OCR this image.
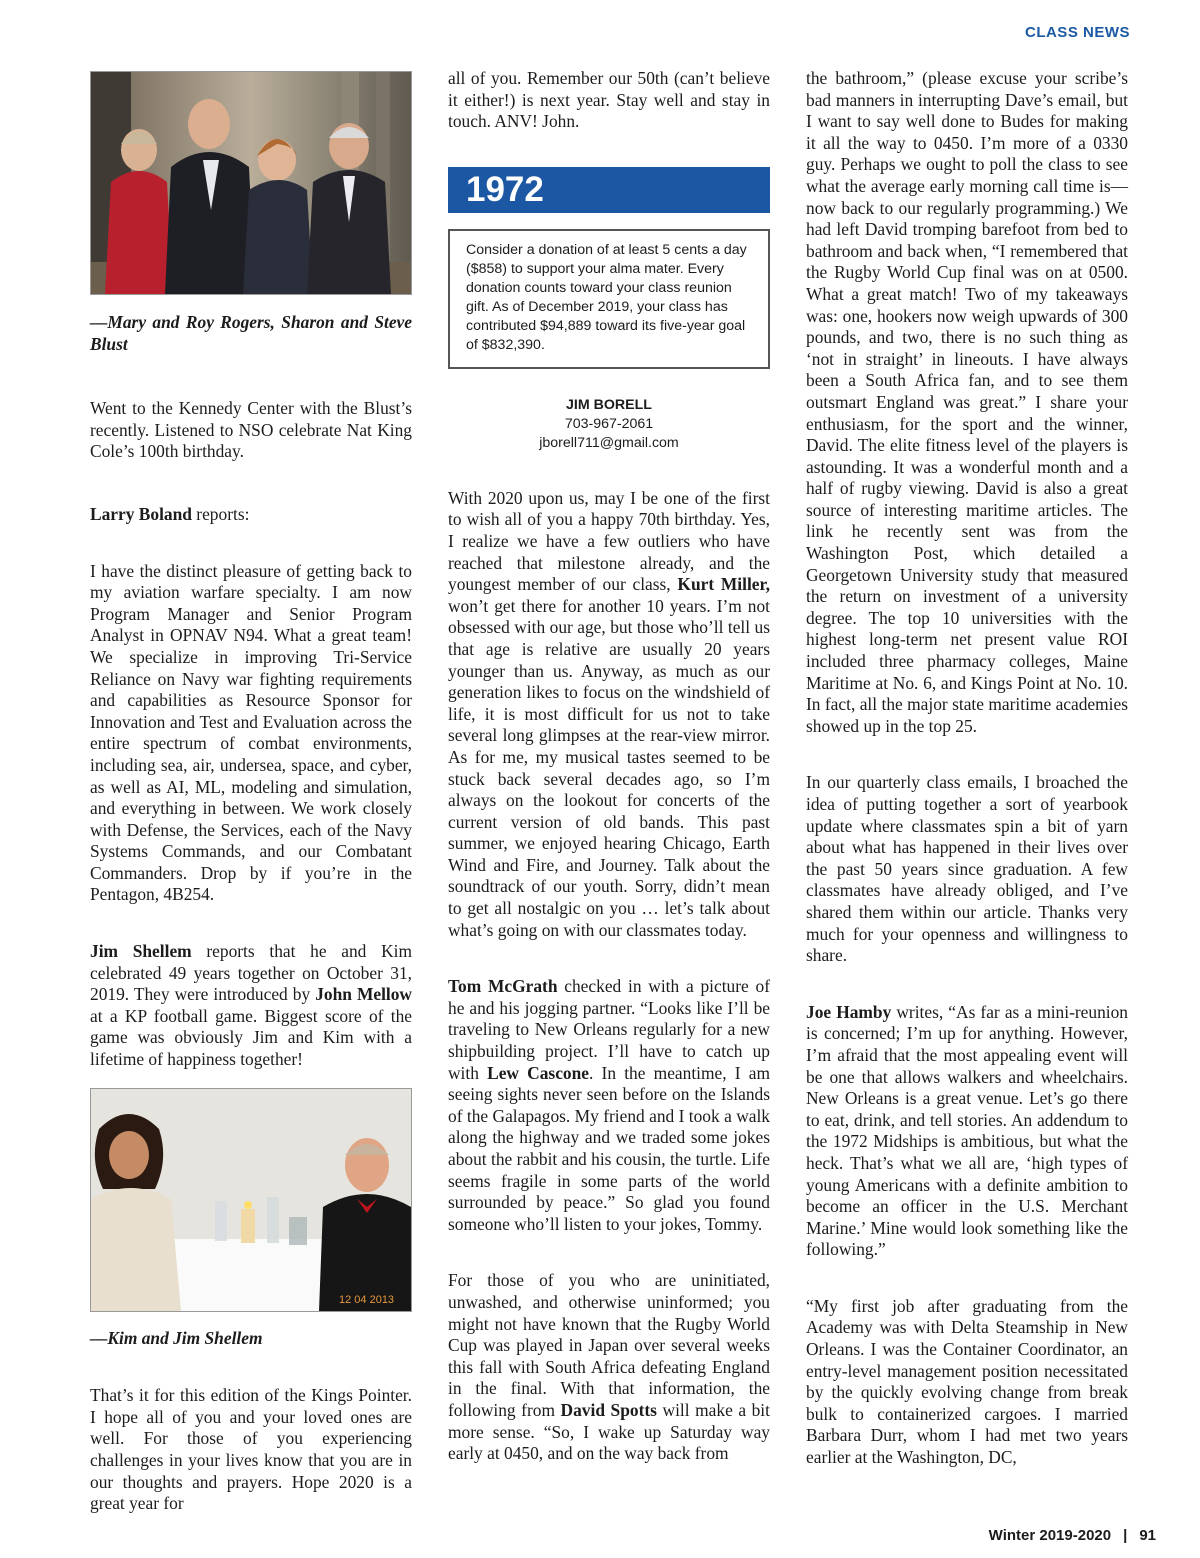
CLASS NEWS
—Mary and Roy Rogers, Sharon and Steve Blust

Went to the Kennedy Center with the Blust’s recently. Listened to NSO celebrate Nat King Cole’s 100th birthday.

Larry Boland reports:

I have the distinct pleasure of getting back to my aviation warfare specialty. I am now Program Manager and Senior Program Analyst in OPNAV N94. What a great team! We specialize in improving Tri-Service Reliance on Navy war fighting requirements and capabilities as Resource Sponsor for Innovation and Test and Evaluation across the entire spectrum of combat environments, including sea, air, undersea, space, and cyber, as well as AI, ML, modeling and simulation, and everything in between. We work closely with Defense, the Services, each of the Navy Systems Commands, and our Combatant Commanders. Drop by if you’re in the Pentagon, 4B254.

Jim Shellem reports that he and Kim celebrated 49 years together on October 31, 2019. They were introduced by John Mellow at a KP football game. Biggest score of the game was obviously Jim and Kim with a lifetime of happiness together!

12 04 2013
—Kim and Jim Shellem

That’s it for this edition of the Kings Pointer. I hope all of you and your loved ones are well. For those of you experiencing challenges in your lives know that you are in our thoughts and prayers. Hope 2020 is a great year for

all of you. Remember our 50th (can’t believe it either!) is next year. Stay well and stay in touch. ANV! John.

1972
Consider a donation of at least 5 cents a day ($858) to support your alma mater. Every donation counts toward your class reunion gift. As of December 2019, your class has contributed $94,889 toward its five-year goal of $832,390.
JIM BORELL
703-967-2061
jborell711@gmail.com

With 2020 upon us, may I be one of the first to wish all of you a happy 70th birthday. Yes, I realize we have a few outliers who have reached that milestone already, and the youngest member of our class, Kurt Miller, won’t get there for another 10 years. I’m not obsessed with our age, but those who’ll tell us that age is relative are usually 20 years younger than us. Anyway, as much as our generation likes to focus on the windshield of life, it is most difficult for us not to take several long glimpses at the rear-view mirror. As for me, my musical tastes seemed to be stuck back several decades ago, so I’m always on the lookout for concerts of the current version of old bands. This past summer, we enjoyed hearing Chicago, Earth Wind and Fire, and Journey. Talk about the soundtrack of our youth. Sorry, didn’t mean to get all nostalgic on you … let’s talk about what’s going on with our classmates today.

Tom McGrath checked in with a picture of he and his jogging partner. “Looks like I’ll be traveling to New Orleans regularly for a new shipbuilding project. I’ll have to catch up with Lew Cascone. In the meantime, I am seeing sights never seen before on the Islands of the Galapagos. My friend and I took a walk along the highway and we traded some jokes about the rabbit and his cousin, the turtle. Life seems fragile in some parts of the world surrounded by peace.” So glad you found someone who’ll listen to your jokes, Tommy.

For those of you who are uninitiated, unwashed, and otherwise uninformed; you might not have known that the Rugby World Cup was played in Japan over several weeks this fall with South Africa defeating England in the final. With that information, the following from David Spotts will make a bit more sense. “So, I wake up Saturday way early at 0450, and on the way back from

the bathroom,” (please excuse your scribe’s bad manners in interrupting Dave’s email, but I want to say well done to Budes for making it all the way to 0450. I’m more of a 0330 guy. Perhaps we ought to poll the class to see what the average early morning call time is—now back to our regularly programming.) We had left David tromping barefoot from bed to bathroom and back when, “I remembered that the Rugby World Cup final was on at 0500. What a great match! Two of my takeaways was: one, hookers now weigh upwards of 300 pounds, and two, there is no such thing as ‘not in straight’ in lineouts. I have always been a South Africa fan, and to see them outsmart England was great.” I share your enthusiasm, for the sport and the winner, David. The elite fitness level of the players is astounding. It was a wonderful month and a half of rugby viewing. David is also a great source of interesting maritime articles. The link he recently sent was from the Washington Post, which detailed a Georgetown University study that measured the return on investment of a university degree. The top 10 universities with the highest long-term net present value ROI included three pharmacy colleges, Maine Maritime at No. 6, and Kings Point at No. 10. In fact, all the major state maritime academies showed up in the top 25.

In our quarterly class emails, I broached the idea of putting together a sort of yearbook update where classmates spin a bit of yarn about what has happened in their lives over the past 50 years since graduation. A few classmates have already obliged, and I’ve shared them within our article. Thanks very much for your openness and willingness to share.

Joe Hamby writes, “As far as a mini-reunion is concerned; I’m up for anything. However, I’m afraid that the most appealing event will be one that allows walkers and wheelchairs. New Orleans is a great venue. Let’s go there to eat, drink, and tell stories. An addendum to the 1972 Midships is ambitious, but what the heck. That’s what we all are, ‘high types of young Americans with a definite ambition to become an officer in the U.S. Merchant Marine.’ Mine would look something like the following.”

“My first job after graduating from the Academy was with Delta Steamship in New Orleans. I was the Container Coordinator, an entry-level management position necessitated by the quickly evolving change from break bulk to containerized cargoes. I married Barbara Durr, whom I had met two years earlier at the Washington, DC,

Winter 2019-2020 | 91
